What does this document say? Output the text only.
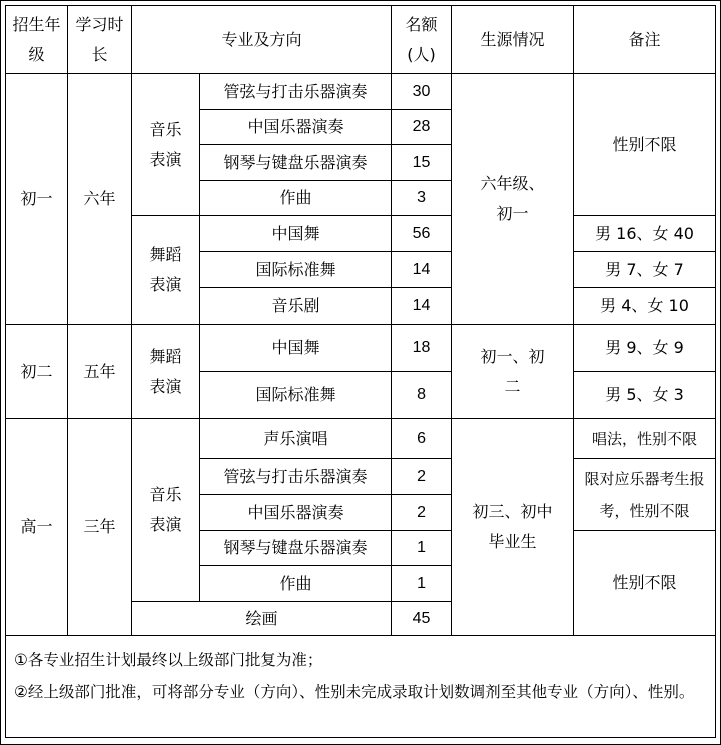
招生年级	学习时长	专业及方向		名额(人)	生源情况	备注
初一	六年	音乐表演	管弦与打击乐器演奏	30	六年级、初一	性别不限
			中国乐器演奏	28		
			钢琴与键盘乐器演奏	15		
			作曲	3		
		舞蹈表演	中国舞	56		男 16、女 40
			国际标准舞	14		男 7、女 7
			音乐剧	14		男 4、女 10
初二	五年	舞蹈表演	中国舞	18	初一、初二	男 9、女 9
			国际标准舞	8		男 5、女 3
高一	三年	音乐表演	声乐演唱	6	初三、初中毕业生	唱法，性别不限
			管弦与打击乐器演奏	2		限对应乐器考生报考，性别不限
			中国乐器演奏	2		
			钢琴与键盘乐器演奏	1		性别不限
			作曲	1		
		绘画		45		

①各专业招生计划最终以上级部门批复为准；
②经上级部门批准，可将部分专业（方向）、性别未完成录取计划数调剂至其他专业（方向）、性别。						
